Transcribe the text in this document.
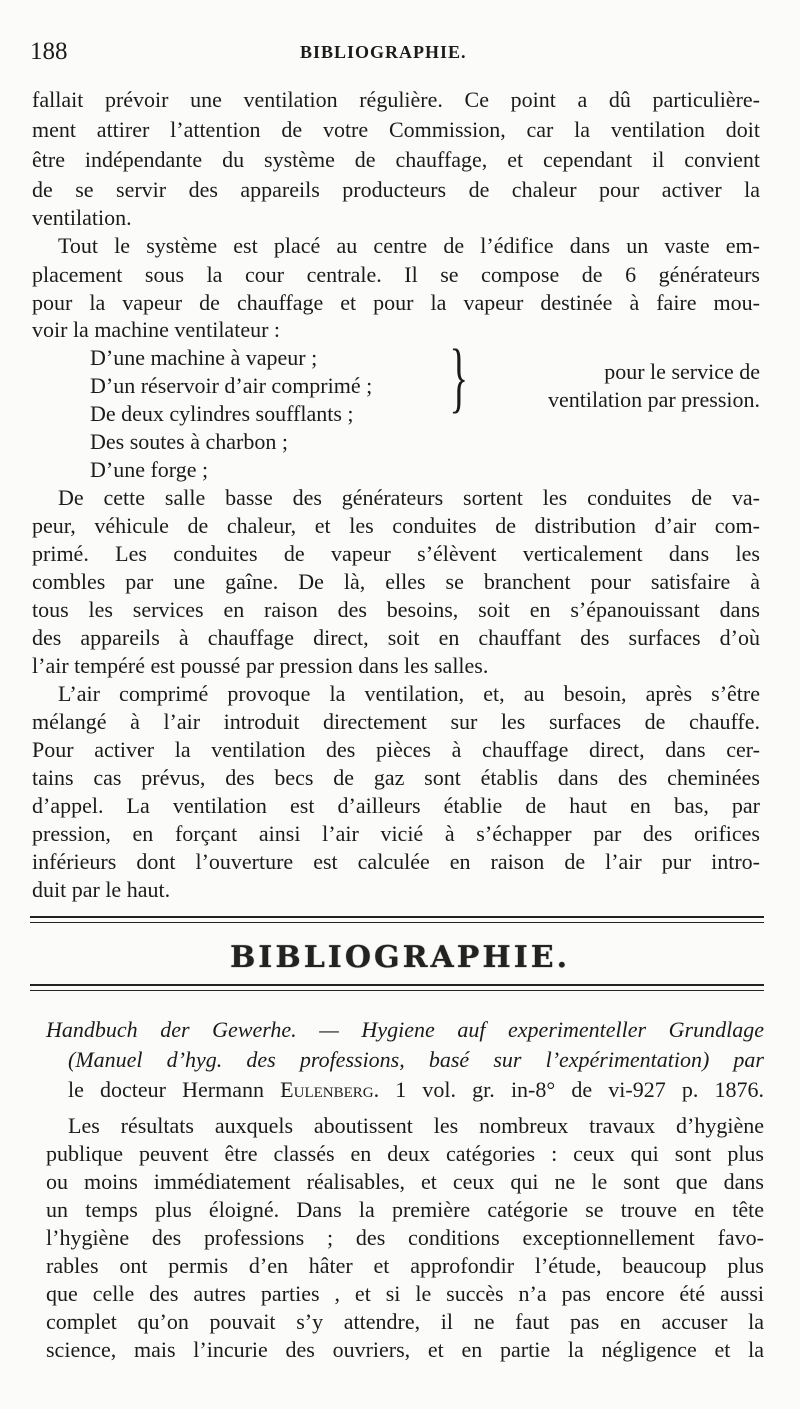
188	BIBLIOGRAPHIE.
fallait prévoir une ventilation régulière. Ce point a dû particulière-
ment attirer l’attention de votre Commission, car la ventilation doit
être indépendante du système de chauffage, et cependant il convient
de se servir des appareils producteurs de chaleur pour activer la
ventilation.
Tout le système est placé au centre de l’édifice dans un vaste em-
placement sous la cour centrale. Il se compose de 6 générateurs
pour la vapeur de chauffage et pour la vapeur destinée à faire mou-
voir la machine ventilateur :
D’une machine à vapeur ;
D’un réservoir d’air comprimé ;
De deux cylindres soufflants ;
Des soutes à charbon ;
D’une forge ;
De cette salle basse des générateurs sortent les conduites de va-
peur, véhicule de chaleur, et les conduites de distribution d’air com-
primé. Les conduites de vapeur s’élèvent verticalement dans les
combles par une gaîne. De là, elles se branchent pour satisfaire à
tous les services en raison des besoins, soit en s’épanouissant dans
des appareils à chauffage direct, soit en chauffant des surfaces d’où
l’air tempéré est poussé par pression dans les salles.
L’air comprimé provoque la ventilation, et, au besoin, après s’être
mélangé à l’air introduit directement sur les surfaces de chauffe.
Pour activer la ventilation des pièces à chauffage direct, dans cer-
tains cas prévus, des becs de gaz sont établis dans des cheminées
d’appel. La ventilation est d’ailleurs établie de haut en bas, par
pression, en forçant ainsi l’air vicié à s’échapper par des orifices
inférieurs dont l’ouverture est calculée en raison de l’air pur intro-
duit par le haut.
}	pour le service de
ventilation par pression.
BIBLIOGRAPHIE.
Handbuch der Gewerhe. — Hygiene auf experimenteller Grundlage
(Manuel d’hyg. des professions, basé sur l’expérimentation) par
le docteur Hermann Eulenberg. 1 vol. gr. in-8° de vi-927 p. 1876.
Les résultats auxquels aboutissent les nombreux travaux d’hygiène
publique peuvent être classés en deux catégories : ceux qui sont plus
ou moins immédiatement réalisables, et ceux qui ne le sont que dans
un temps plus éloigné. Dans la première catégorie se trouve en tête
l’hygiène des professions ; des conditions exceptionnellement favo-
rables ont permis d’en hâter et approfondir l’étude, beaucoup plus
que celle des autres parties , et si le succès n’a pas encore été aussi
complet qu’on pouvait s’y attendre, il ne faut pas en accuser la
science, mais l’incurie des ouvriers, et en partie la négligence et la
